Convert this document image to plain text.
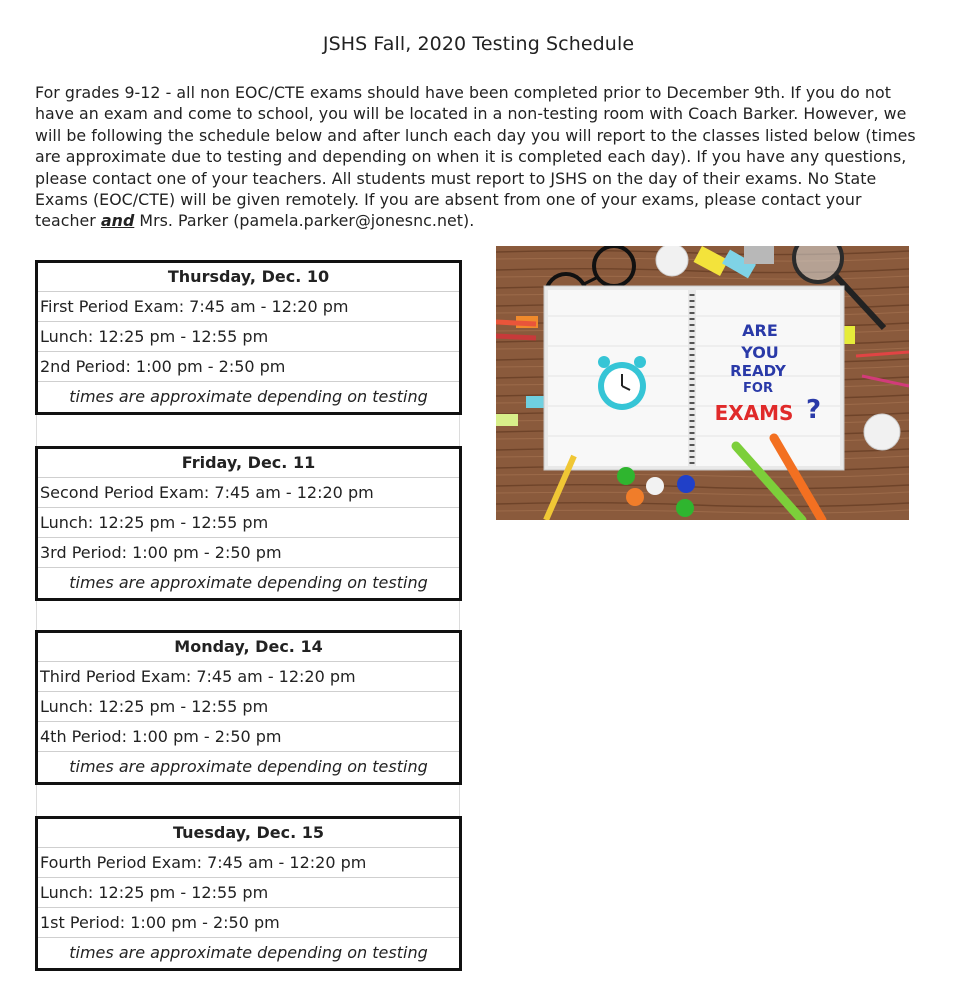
JSHS Fall, 2020 Testing Schedule
For grades 9-12 - all non EOC/CTE exams should have been completed prior to December 9th. If you do not have an exam and come to school, you will be located in a non-testing room with Coach Barker. However, we will be following the schedule below and after lunch each day you will report to the classes listed below (times are approximate due to testing and depending on when it is completed each day). If you have any questions, please contact one of your teachers. All students must report to JSHS on the day of their exams. No State Exams (EOC/CTE) will be given remotely. If you are absent from one of your exams, please contact your teacher and Mrs. Parker (pamela.parker@jonesnc.net).
Thursday, Dec. 10
First Period Exam: 7:45 am - 12:20 pm
Lunch: 12:25 pm - 12:55 pm
2nd Period: 1:00 pm - 2:50 pm
times are approximate depending on testing
Friday, Dec. 11
Second Period Exam: 7:45 am - 12:20 pm
Lunch: 12:25 pm - 12:55 pm
3rd Period: 1:00 pm - 2:50 pm
times are approximate depending on testing
Monday, Dec. 14
Third Period Exam: 7:45 am - 12:20 pm
Lunch: 12:25 pm - 12:55 pm
4th Period: 1:00 pm - 2:50 pm
times are approximate depending on testing
Tuesday, Dec. 15
Fourth Period Exam: 7:45 am - 12:20 pm
Lunch: 12:25 pm - 12:55 pm
1st Period: 1:00 pm - 2:50 pm
times are approximate depending on testing
ARE
YOU
READY
FOR
EXAMS ?
